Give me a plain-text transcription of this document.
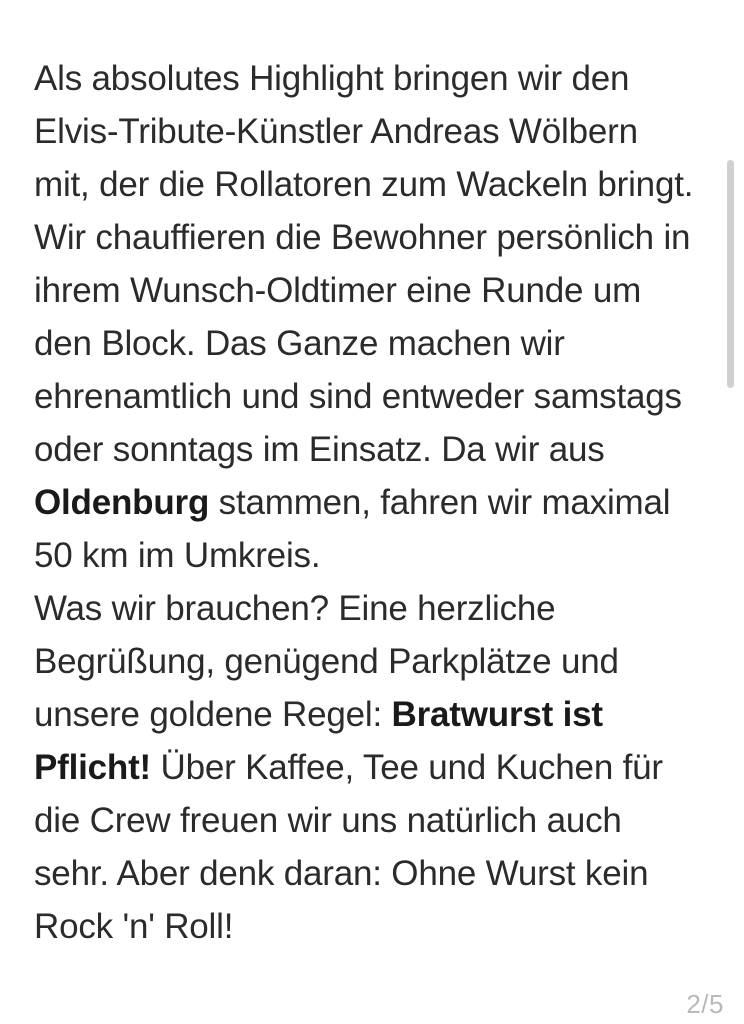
Als absolutes Highlight bringen wir den Elvis-Tribute-Künstler Andreas Wölbern mit, der die Rollatoren zum Wackeln bringt. Wir chauffieren die Bewohner persönlich in ihrem Wunsch-Oldtimer eine Runde um den Block. Das Ganze machen wir ehrenamtlich und sind entweder samstags oder sonntags im Einsatz. Da wir aus Oldenburg stammen, fahren wir maximal 50 km im Umkreis.

Was wir brauchen? Eine herzliche Begrüßung, genügend Parkplätze und unsere goldene Regel: Bratwurst ist Pflicht! Über Kaffee, Tee und Kuchen für die Crew freuen wir uns natürlich auch sehr. Aber denk daran: Ohne Wurst kein Rock 'n' Roll!

2/5
